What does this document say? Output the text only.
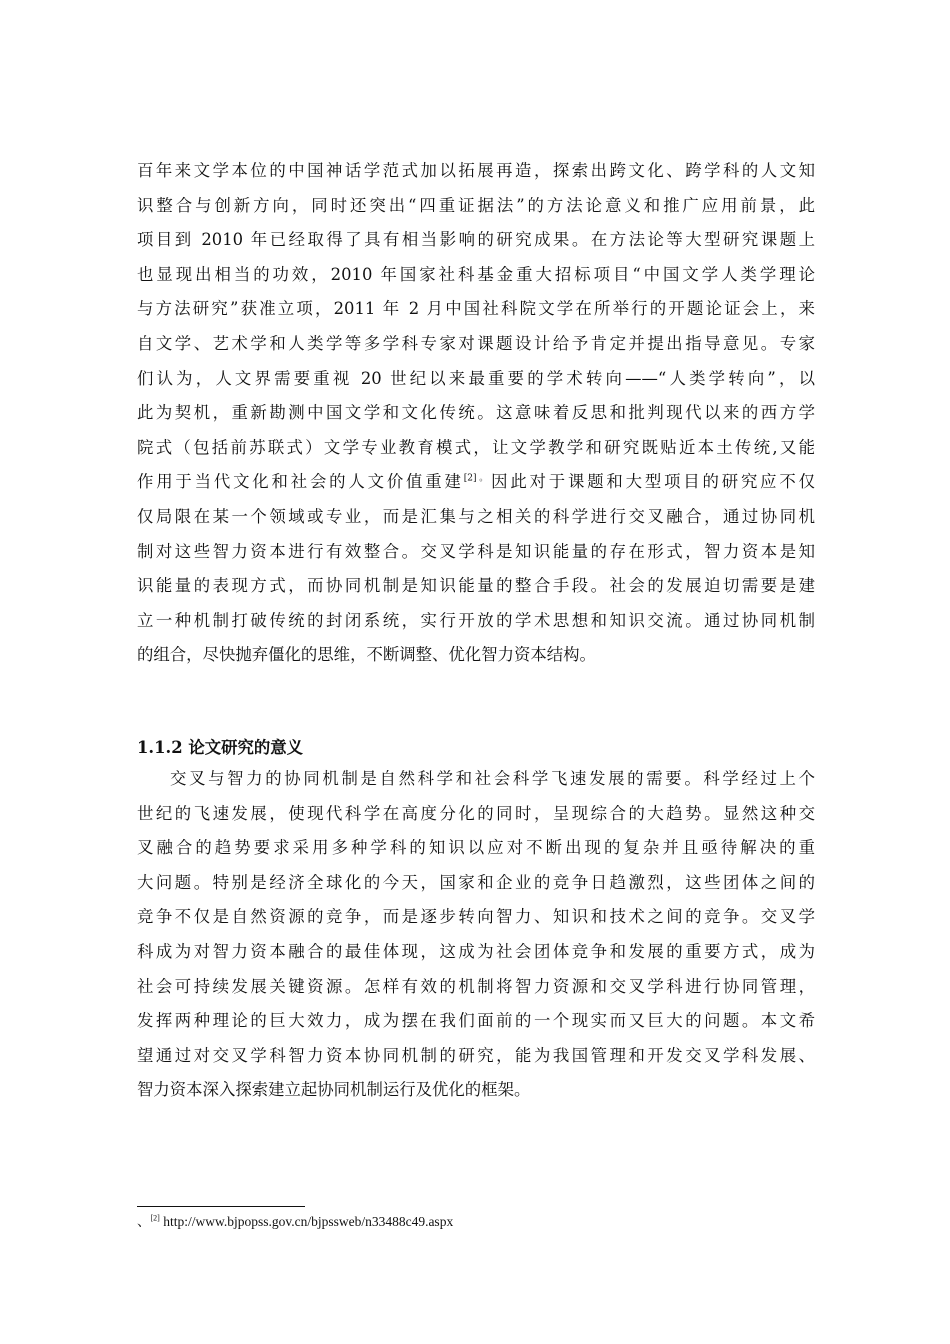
百年来文学本位的中国神话学范式加以拓展再造，探索出跨文化、跨学科的人文知
识整合与创新方向，同时还突出“四重证据法”的方法论意义和推广应用前景，此
项目到 2010 年已经取得了具有相当影响的研究成果。在方法论等大型研究课题上
也显现出相当的功效，2010 年国家社科基金重大招标项目“中国文学人类学理论
与方法研究”获准立项，2011 年 2 月中国社科院文学在所举行的开题论证会上，来
自文学、艺术学和人类学等多学科专家对课题设计给予肯定并提出指导意见。专家
们认为，人文界需要重视 20 世纪以来最重要的学术转向——“人类学转向”，以
此为契机，重新勘测中国文学和文化传统。这意味着反思和批判现代以来的西方学
院式（包括前苏联式）文学专业教育模式，让文学教学和研究既贴近本土传统,又能
作用于当代文化和社会的人文价值重建$^{[2]。}$因此对于课题和大型项目的研究应不仅
仅局限在某一个领域或专业，而是汇集与之相关的科学进行交叉融合，通过协同机
制对这些智力资本进行有效整合。交叉学科是知识能量的存在形式，智力资本是知
识能量的表现方式，而协同机制是知识能量的整合手段。社会的发展迫切需要是建
立一种机制打破传统的封闭系统，实行开放的学术思想和知识交流。通过协同机制
的组合，尽快抛弃僵化的思维，不断调整、优化智力资本结构。
1.1.2 论文研究的意义
交叉与智力的协同机制是自然科学和社会科学飞速发展的需要。科学经过上个
世纪的飞速发展，使现代科学在高度分化的同时，呈现综合的大趋势。显然这种交
叉融合的趋势要求采用多种学科的知识以应对不断出现的复杂并且亟待解决的重
大问题。特别是经济全球化的今天，国家和企业的竞争日趋激烈，这些团体之间的
竞争不仅是自然资源的竞争，而是逐步转向智力、知识和技术之间的竞争。交叉学
科成为对智力资本融合的最佳体现，这成为社会团体竞争和发展的重要方式，成为
社会可持续发展关键资源。怎样有效的机制将智力资源和交叉学科进行协同管理，
发挥两种理论的巨大效力，成为摆在我们面前的一个现实而又巨大的问题。本文希
望通过对交叉学科智力资本协同机制的研究，能为我国管理和开发交叉学科发展、
智力资本深入探索建立起协同机制运行及优化的框架。
、[2] http://www.bjpopss.gov.cn/bjpssweb/n33488c49.aspx
